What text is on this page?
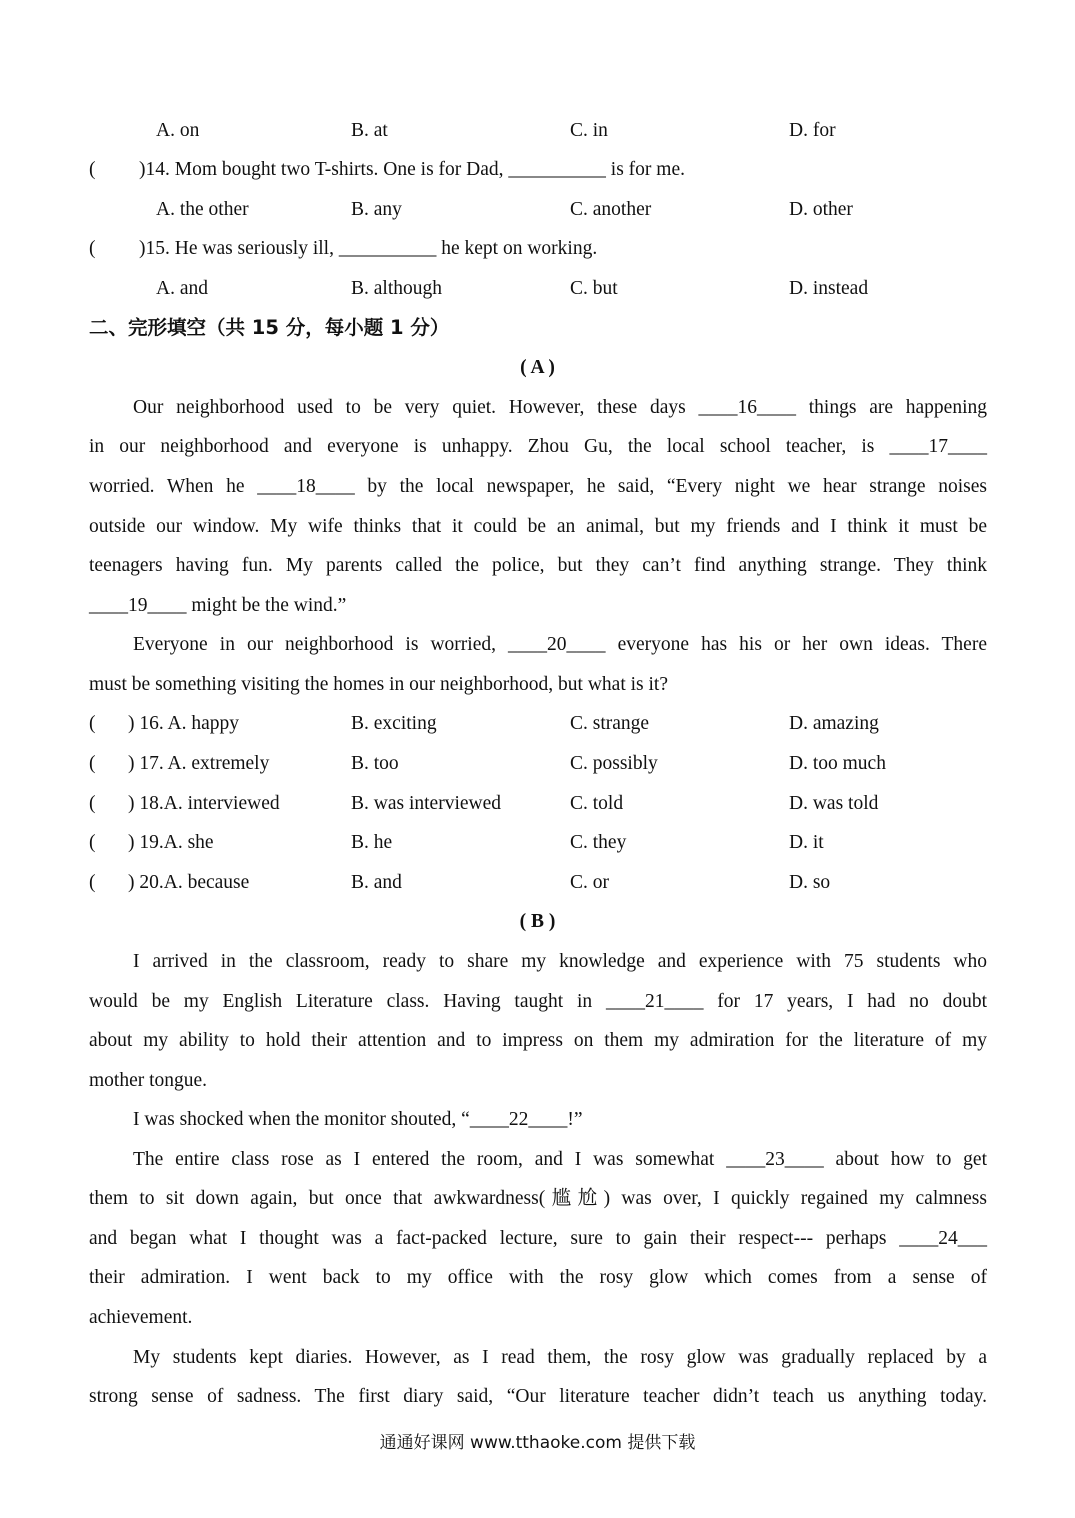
A. on	B. at	C. in	D. for
( )14. Mom bought two T-shirts. One is for Dad, __________ is for me.
A. the other	B. any	C. another	D. other
( )15. He was seriously ill, __________ he kept on working.
A. and	B. although	C. but	D. instead
二、完形填空（共 15 分，每小题 1 分）
( A )
Our neighborhood used to be very quiet. However, these days ____16____ things are happening
in our neighborhood and everyone is unhappy. Zhou Gu, the local school teacher, is ____17____
worried. When he ____18____ by the local newspaper, he said, “Every night we hear strange noises
outside our window. My wife thinks that it could be an animal, but my friends and I think it must be
teenagers having fun. My parents called the police, but they can’t find anything strange. They think
____19____ might be the wind.”
Everyone in our neighborhood is worried, ____20____ everyone has his or her own ideas. There
must be something visiting the homes in our neighborhood, but what is it?
( ) 16. A. happy	B. exciting	C. strange	D. amazing
( ) 17. A. extremely	B. too	C. possibly	D. too much
( ) 18.A. interviewed	B. was interviewed	C. told	D. was told
( ) 19.A. she	B. he	C. they	D. it
( ) 20.A. because	B. and	C. or	D. so
( B )
I arrived in the classroom, ready to share my knowledge and experience with 75 students who
would be my English Literature class. Having taught in ____21____ for 17 years, I had no doubt
about my ability to hold their attention and to impress on them my admiration for the literature of my
mother tongue.
I was shocked when the monitor shouted, “____22____!”
The entire class rose as I entered the room, and I was somewhat ____23____ about how to get
them to sit down again, but once that awkwardness(尴尬) was over, I quickly regained my calmness
and began what I thought was a fact-packed lecture, sure to gain their respect--- perhaps ____24___
their admiration. I went back to my office with the rosy glow which comes from a sense of
achievement.
My students kept diaries. However, as I read them, the rosy glow was gradually replaced by a
strong sense of sadness. The first diary said, “Our literature teacher didn’t teach us anything today.
通通好课网 www.tthaoke.com 提供下载
